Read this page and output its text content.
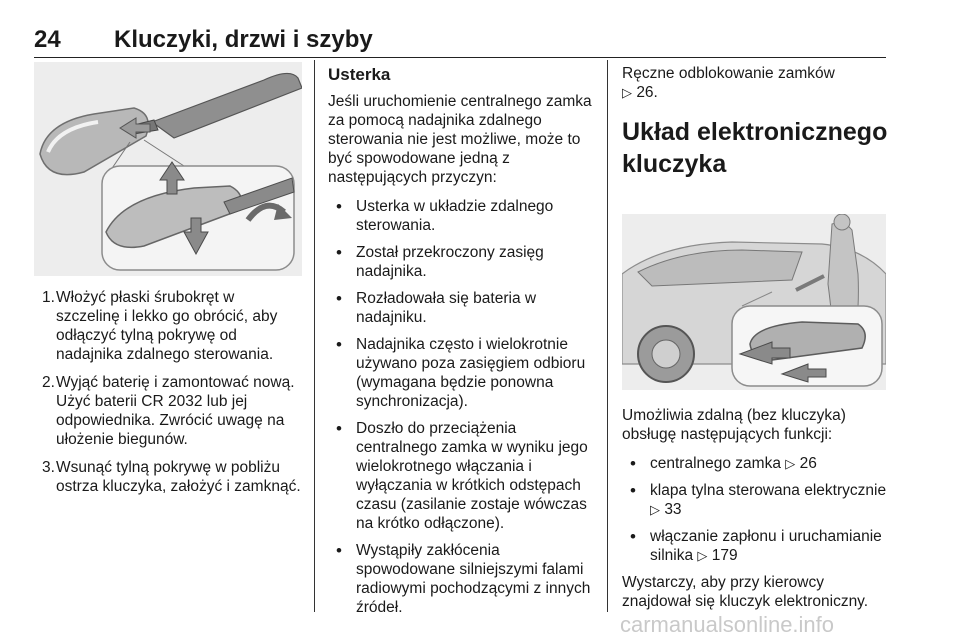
24 Kluczyki, drzwi i szyby
1. Włożyć płaski śrubokręt w szczelinę i lekko go obrócić, aby odłączyć tylną pokrywę od nadajnika zdalnego sterowania.
2. Wyjąć baterię i zamontować nową. Użyć baterii CR 2032 lub jej odpowiednika. Zwrócić uwagę na ułożenie biegunów.
3. Wsunąć tylną pokrywę w pobliżu ostrza kluczyka, założyć i zamknąć.
Usterka

Jeśli uruchomienie centralnego zamka za pomocą nadajnika zdalnego sterowania nie jest możliwe, może to być spowodowane jedną z następujących przyczyn:

• Usterka w układzie zdalnego sterowania.
• Został przekroczony zasięg nadajnika.
• Rozładowała się bateria w nadajniku.
• Nadajnika często i wielokrotnie używano poza zasięgiem odbioru (wymagana będzie ponowna synchronizacja).
• Doszło do przeciążenia centralnego zamka w wyniku jego wielokrotnego włączania i wyłączania w krótkich odstępach czasu (zasilanie zostaje wówczas na krótko odłączone).
• Wystąpiły zakłócenia spowodowane silniejszymi falami radiowymi pochodzącymi z innych źródeł.

Ręczne odblokowanie zamków
▷ 26.

Układ elektronicznego kluczyka

Umożliwia zdalną (bez kluczyka) obsługę następujących funkcji:

• centralnego zamka ▷ 26
• klapa tylna sterowana elektrycznie ▷ 33
• włączanie zapłonu i uruchamianie silnika ▷ 179

Wystarczy, aby przy kierowcy znajdował się kluczyk elektroniczny.

carmanualsonline.info
